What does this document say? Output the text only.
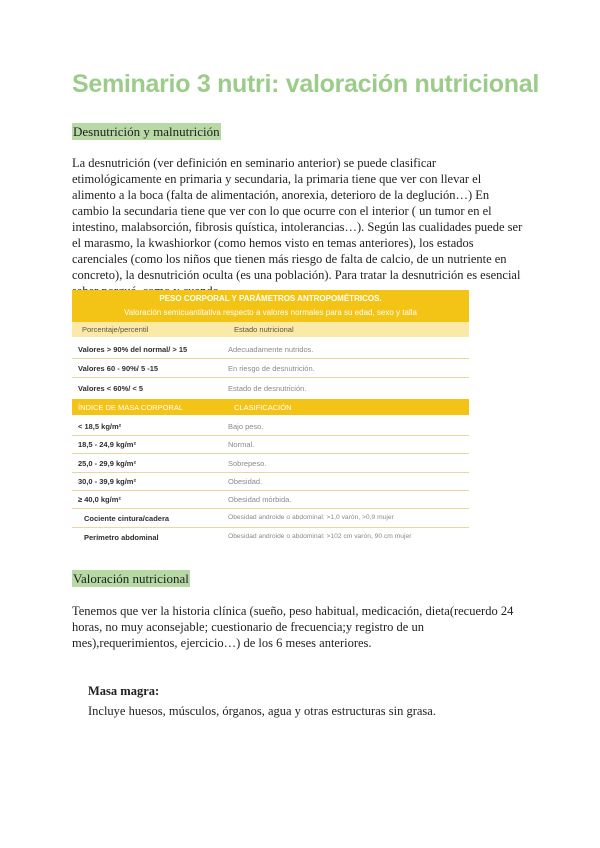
Seminario 3 nutri: valoración nutricional
Desnutrición y malnutrición

La desnutrición (ver definición en seminario anterior) se puede clasificar etimológicamente en primaria y secundaria, la primaria tiene que ver con llevar el alimento a la boca (falta de alimentación, anorexia, deterioro de la deglución…) En cambio la secundaria tiene que ver con lo que ocurre con el interior ( un tumor en el intestino, malabsorción, fibrosis quística, intolerancias…). Según las cualidades puede ser el marasmo, la kwashiorkor (como hemos visto en temas anteriores), los estados carenciales (como los niños que tienen más riesgo de falta de calcio, de un nutriente en concreto), la desnutrición oculta (es una población). Para tratar la desnutrición es esencial

PESO CORPORAL Y PARÁMETROS ANTROPOMÉTRICOS.
Valoración semicuantitativa respecto a valores normales para su edad, sexo y talla
Porcentaje/percentil	Estado nutricional
Valores > 90% del normal/ > 15	Adecuadamente nutridos.
Valores 60 - 90%/ 5 -15	En riesgo de desnutrición.
Valores < 60%/ < 5	Estado de desnutrición.
ÍNDICE DE MASA CORPORAL	CLASIFICACIÓN
< 18,5 kg/m²	Bajo peso.
18,5 - 24,9 kg/m²	Normal.
25,0 - 29,9 kg/m²	Sobrepeso.
30,0 - 39,9 kg/m²	Obesidad.
≥ 40,0 kg/m²	Obesidad mórbida.
Cociente cintura/cadera	Obesidad androide o abdominal: >1,0 varón, >0,9 mujer
Perímetro abdominal	Obesidad androide o abdominal: >102 cm varón, 90 cm mujer
Valoración nutricional

Tenemos que ver la historia clínica (sueño, peso habitual, medicación, dieta(recuerdo 24 horas, no muy aconsejable; cuestionario de frecuencia;y registro de un mes),requerimientos, ejercicio…) de los 6 meses anteriores.

Masa magra:

Incluye huesos, músculos, órganos, agua y otras estructuras sin grasa.
